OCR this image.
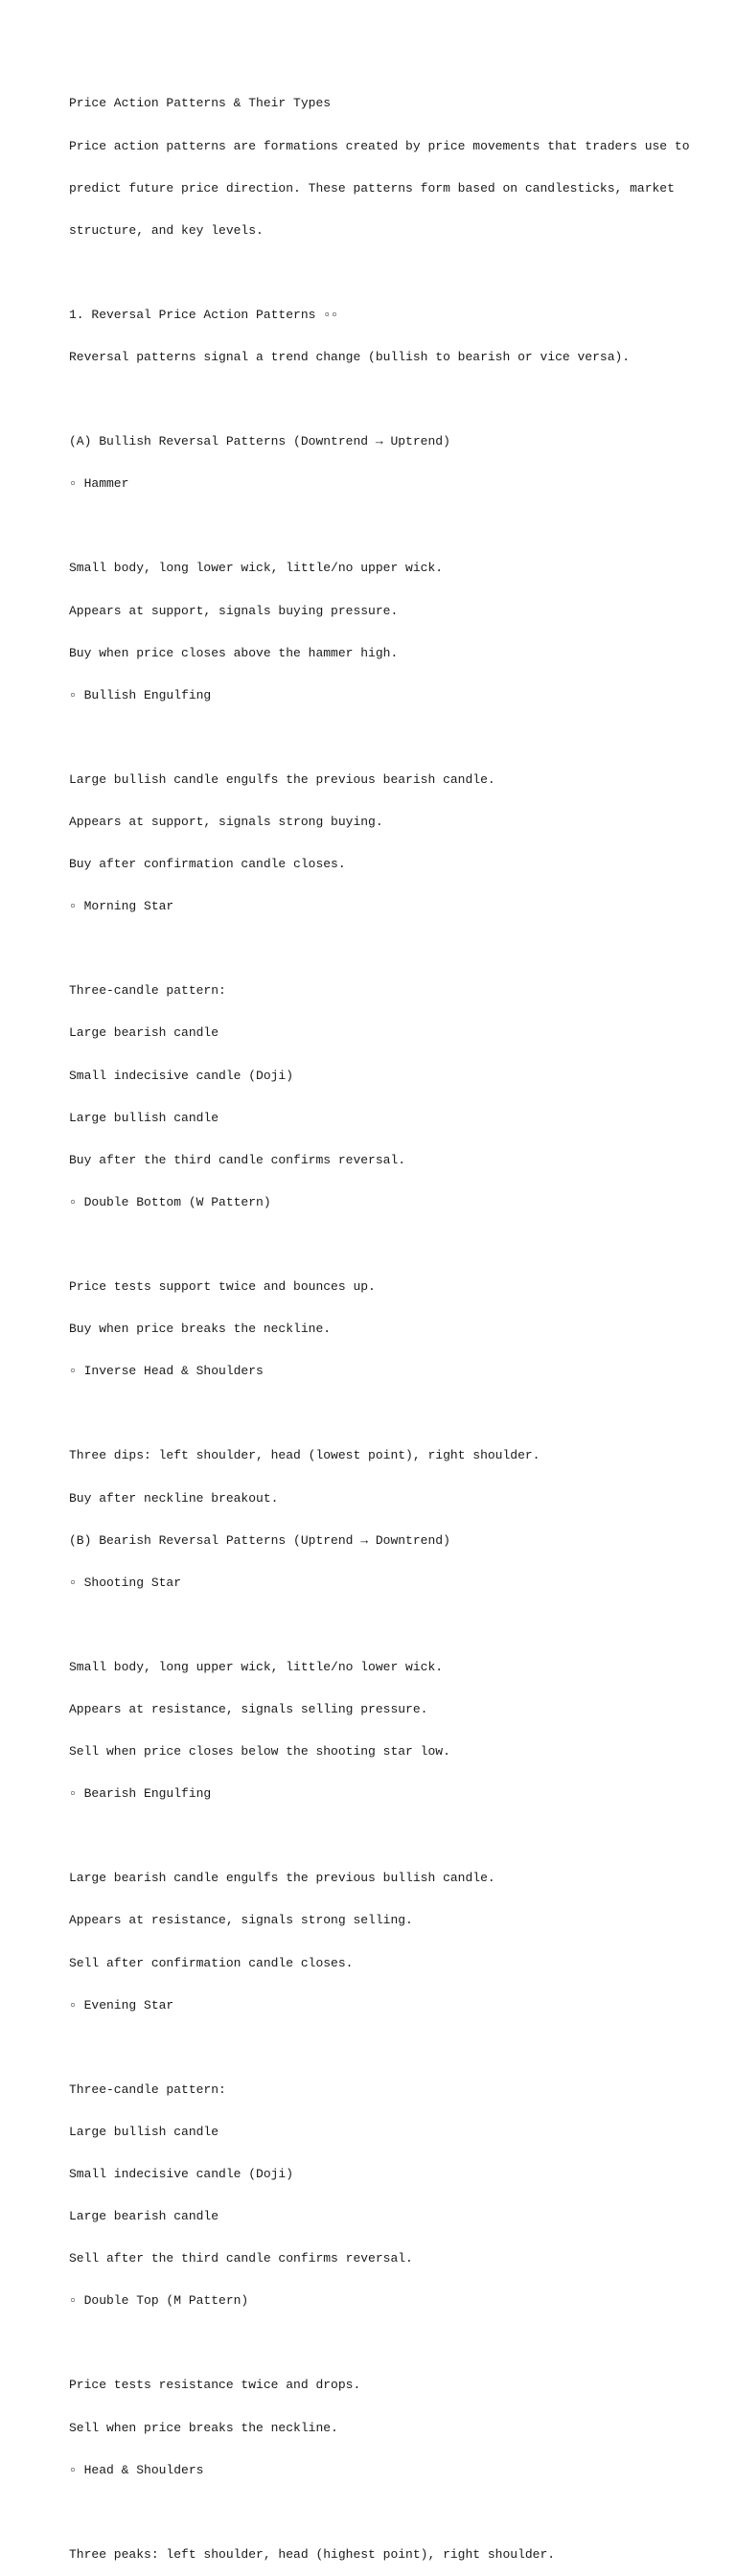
Price Action Patterns & Their Types

Price action patterns are formations created by price movements that traders use to

predict future price direction. These patterns form based on candlesticks, market

structure, and key levels.

1. Reversal Price Action Patterns ▫▫

Reversal patterns signal a trend change (bullish to bearish or vice versa).

(A) Bullish Reversal Patterns (Downtrend → Uptrend)

▫ Hammer

Small body, long lower wick, little/no upper wick.

Appears at support, signals buying pressure.

Buy when price closes above the hammer high.

▫ Bullish Engulfing

Large bullish candle engulfs the previous bearish candle.

Appears at support, signals strong buying.

Buy after confirmation candle closes.

▫ Morning Star

Three-candle pattern:

Large bearish candle

Small indecisive candle (Doji)

Large bullish candle

Buy after the third candle confirms reversal.

▫ Double Bottom (W Pattern)

Price tests support twice and bounces up.

Buy when price breaks the neckline.

▫ Inverse Head & Shoulders

Three dips: left shoulder, head (lowest point), right shoulder.

Buy after neckline breakout.

(B) Bearish Reversal Patterns (Uptrend → Downtrend)

▫ Shooting Star

Small body, long upper wick, little/no lower wick.

Appears at resistance, signals selling pressure.

Sell when price closes below the shooting star low.

▫ Bearish Engulfing

Large bearish candle engulfs the previous bullish candle.

Appears at resistance, signals strong selling.

Sell after confirmation candle closes.

▫ Evening Star

Three-candle pattern:

Large bullish candle

Small indecisive candle (Doji)

Large bearish candle

Sell after the third candle confirms reversal.

▫ Double Top (M Pattern)

Price tests resistance twice and drops.

Sell when price breaks the neckline.

▫ Head & Shoulders

Three peaks: left shoulder, head (highest point), right shoulder.
